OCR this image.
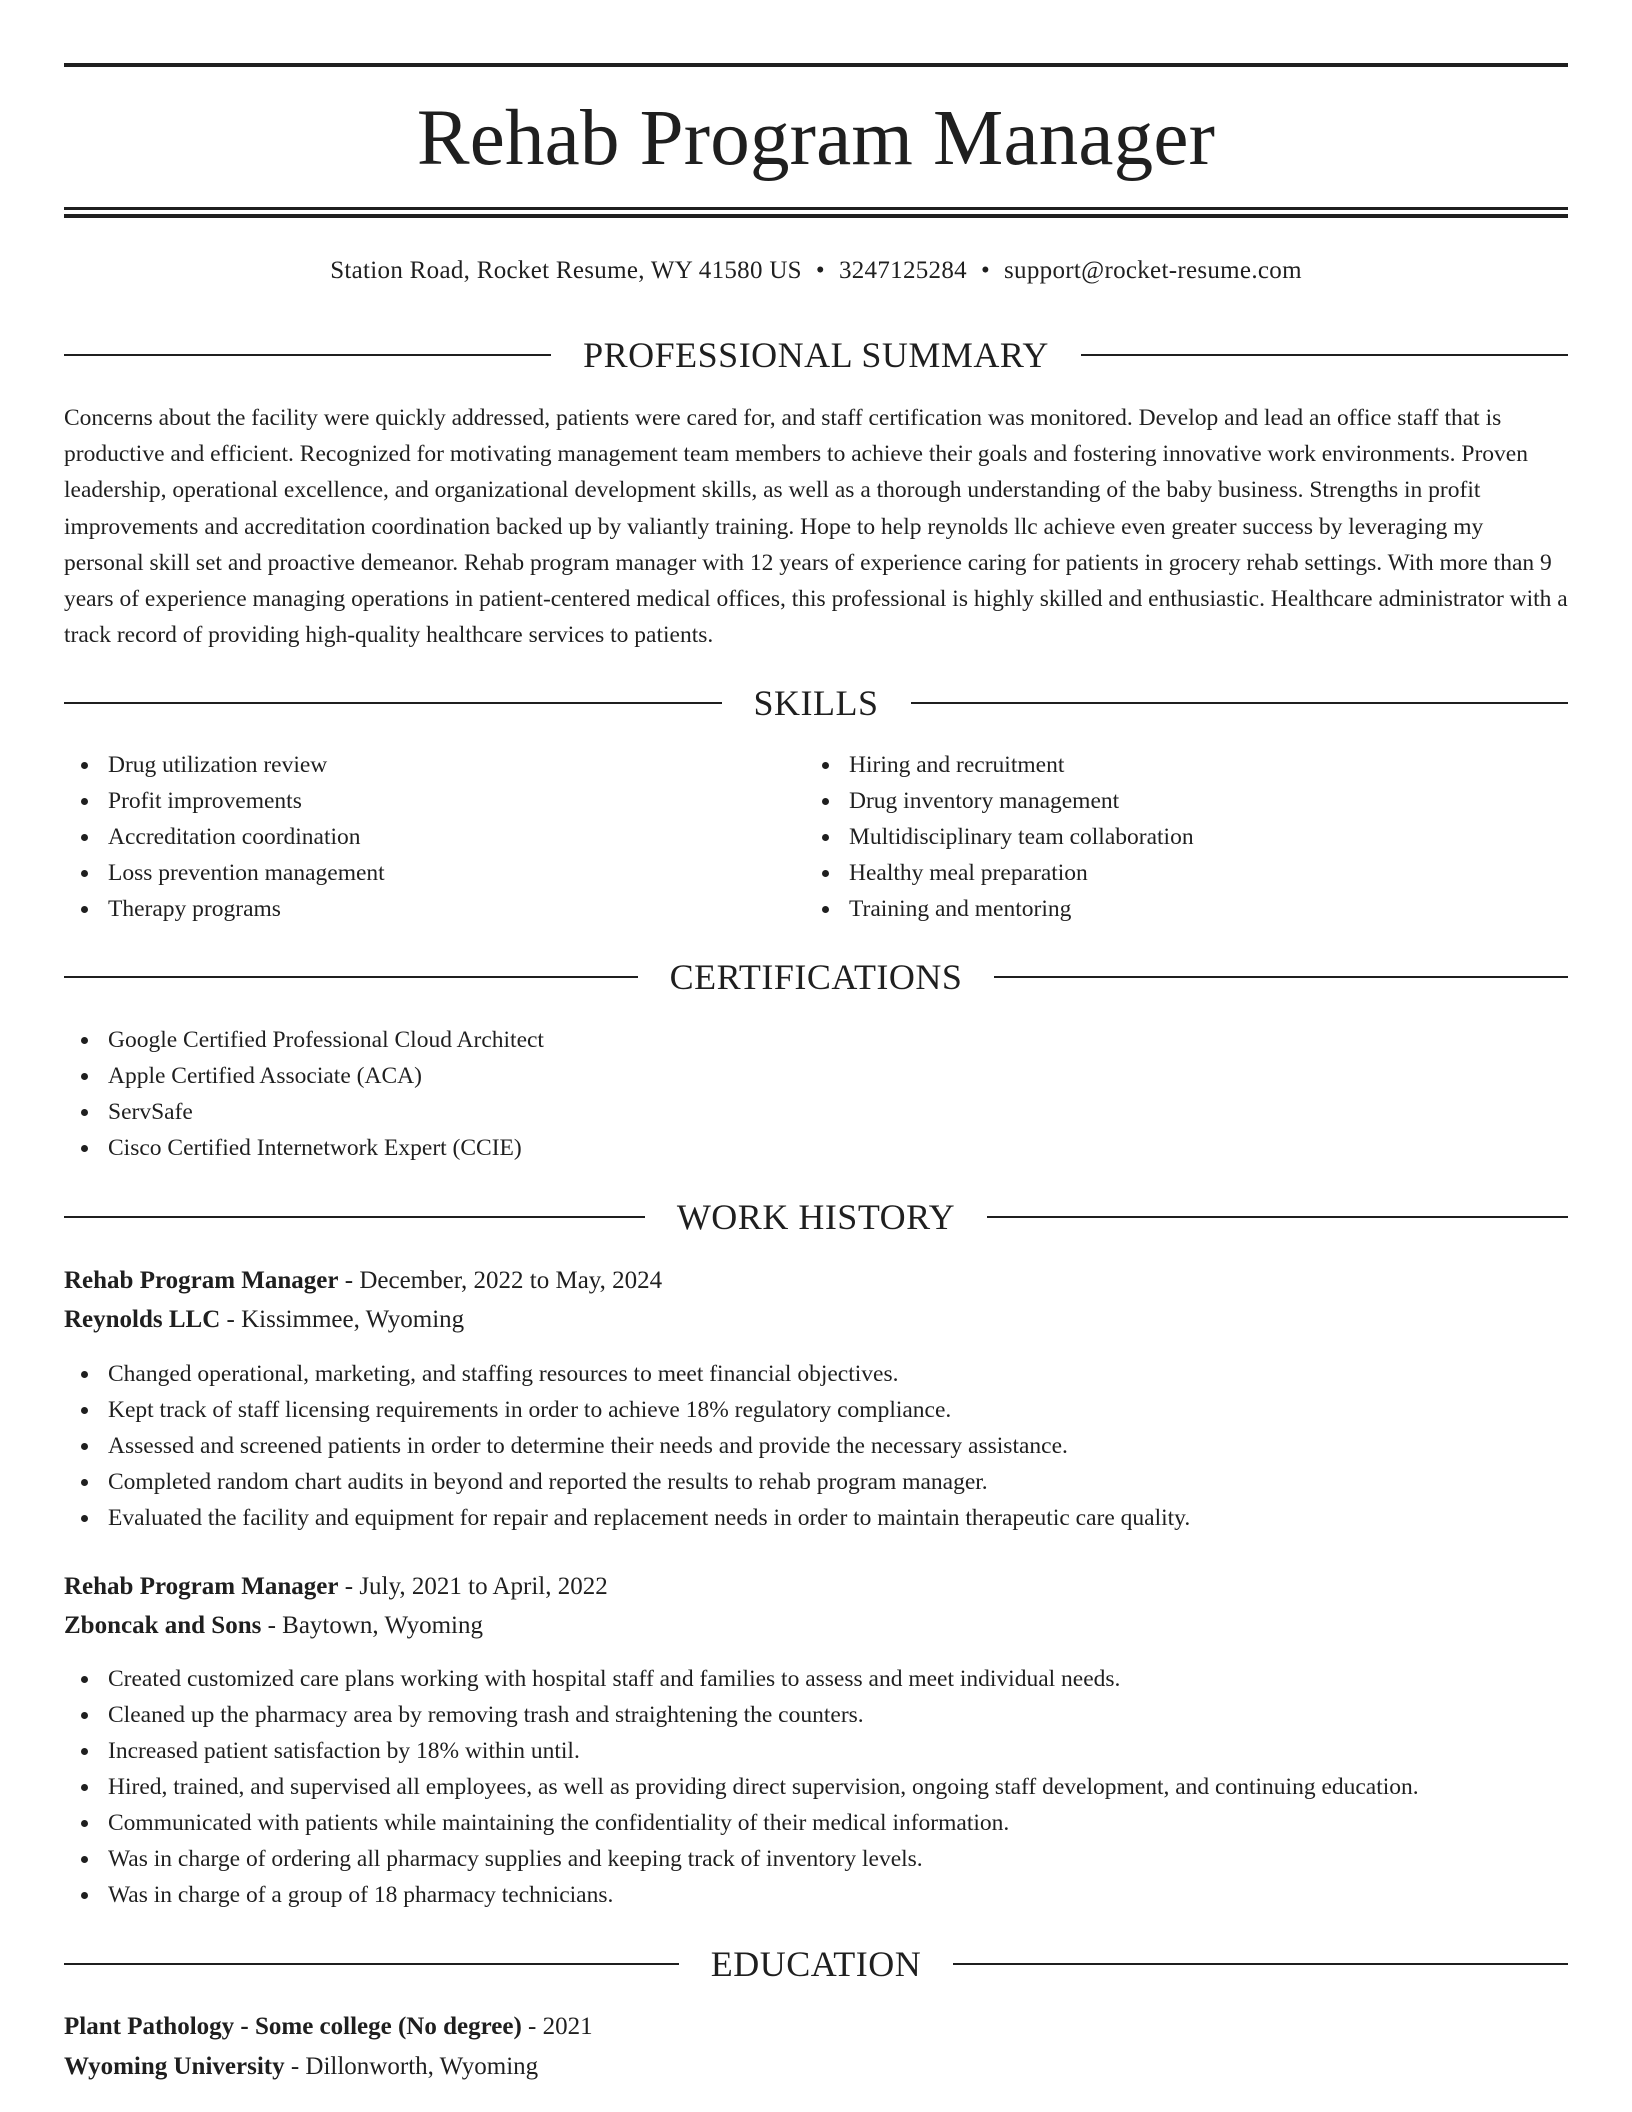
Rehab Program Manager
Station Road, Rocket Resume, WY 41580 US • 3247125284 • support@rocket-resume.com
PROFESSIONAL SUMMARY

Concerns about the facility were quickly addressed, patients were cared for, and staff certification was monitored. Develop and lead an office staff that is productive and efficient. Recognized for motivating management team members to achieve their goals and fostering innovative work environments. Proven leadership, operational excellence, and organizational development skills, as well as a thorough understanding of the baby business. Strengths in profit improvements and accreditation coordination backed up by valiantly training. Hope to help reynolds llc achieve even greater success by leveraging my personal skill set and proactive demeanor. Rehab program manager with 12 years of experience caring for patients in grocery rehab settings. With more than 9 years of experience managing operations in patient-centered medical offices, this professional is highly skilled and enthusiastic. Healthcare administrator with a track record of providing high-quality healthcare services to patients.

SKILLS
Drug utilization review
Profit improvements
Accreditation coordination
Loss prevention management
Therapy programs
Hiring and recruitment
Drug inventory management
Multidisciplinary team collaboration
Healthy meal preparation
Training and mentoring
CERTIFICATIONS
Google Certified Professional Cloud Architect
Apple Certified Associate (ACA)
ServSafe
Cisco Certified Internetwork Expert (CCIE)
WORK HISTORY
Rehab Program Manager - December, 2022 to May, 2024
Reynolds LLC - Kissimmee, Wyoming
Changed operational, marketing, and staffing resources to meet financial objectives.
Kept track of staff licensing requirements in order to achieve 18% regulatory compliance.
Assessed and screened patients in order to determine their needs and provide the necessary assistance.
Completed random chart audits in beyond and reported the results to rehab program manager.
Evaluated the facility and equipment for repair and replacement needs in order to maintain therapeutic care quality.
Rehab Program Manager - July, 2021 to April, 2022
Zboncak and Sons - Baytown, Wyoming
Created customized care plans working with hospital staff and families to assess and meet individual needs.
Cleaned up the pharmacy area by removing trash and straightening the counters.
Increased patient satisfaction by 18% within until.
Hired, trained, and supervised all employees, as well as providing direct supervision, ongoing staff development, and continuing education.
Communicated with patients while maintaining the confidentiality of their medical information.
Was in charge of ordering all pharmacy supplies and keeping track of inventory levels.
Was in charge of a group of 18 pharmacy technicians.
EDUCATION
Plant Pathology - Some college (No degree) - 2021
Wyoming University - Dillonworth, Wyoming
